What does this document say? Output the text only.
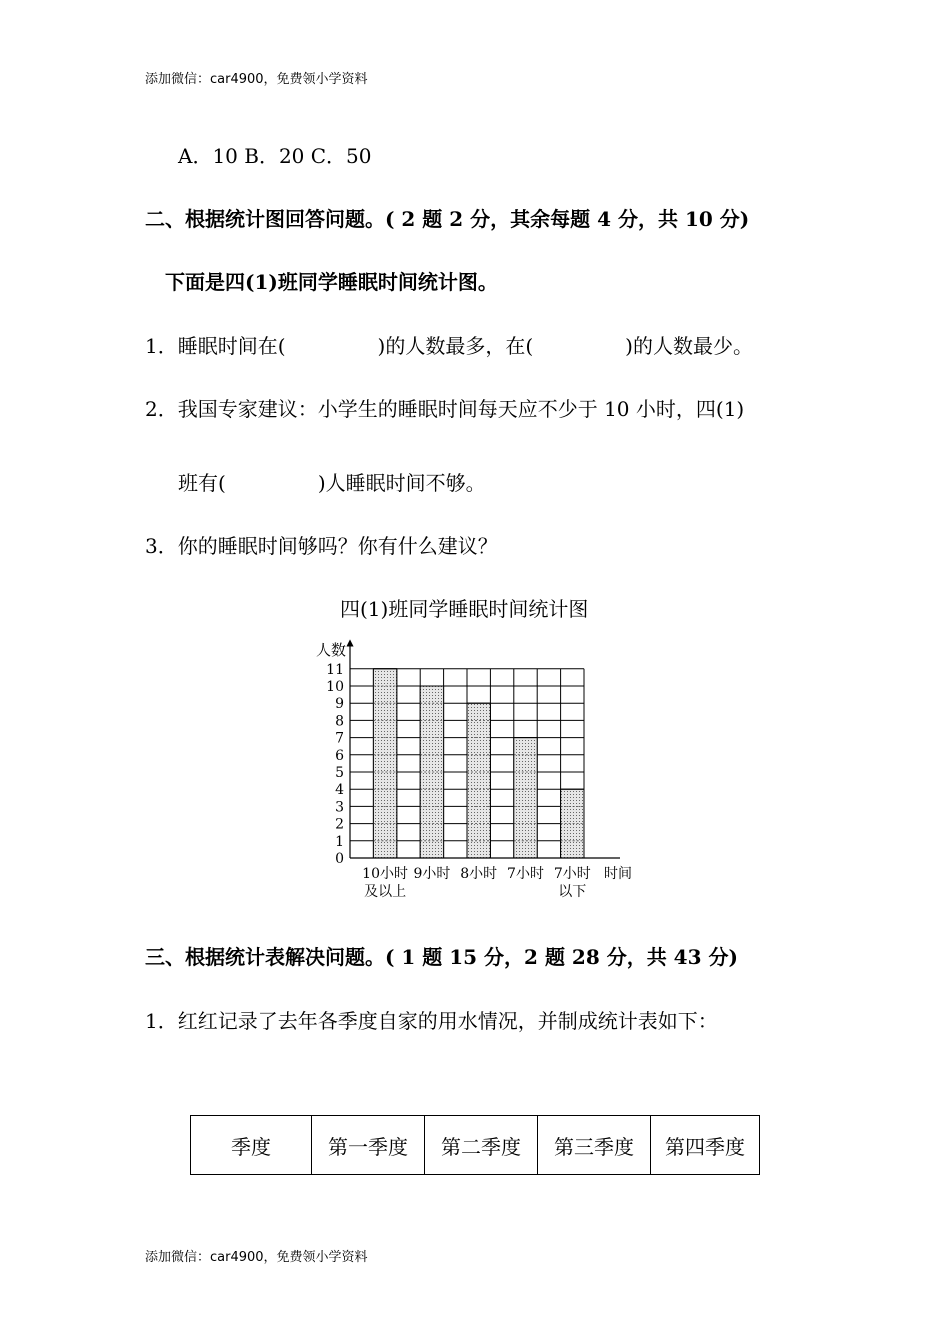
添加微信：car4900，免费领小学资料
A．10 B．20 C．50
二、根据统计图回答问题。( 2 题 2 分，其余每题 4 分，共 10 分)
下面是四(1)班同学睡眠时间统计图。
1．睡眠时间在(	)的人数最多，在(	)的人数最少。
2．我国专家建议：小学生的睡眠时间每天应不少于 10 小时，四(1)
班有(	)人睡眠时间不够。
3．你的睡眠时间够吗？你有什么建议？
四(1)班同学睡眠时间统计图
0
1
2
3
4
5
6
7
8
9
10
11
人数
10小时
及以上
9小时 8小时 7小时 7小时
以下
时间
三、根据统计表解决问题。( 1 题 15 分，2 题 28 分，共 43 分)
1．红红记录了去年各季度自家的用水情况，并制成统计表如下：
季度	第一季度	第二季度	第三季度	第四季度
添加微信：car4900，免费领小学资料
